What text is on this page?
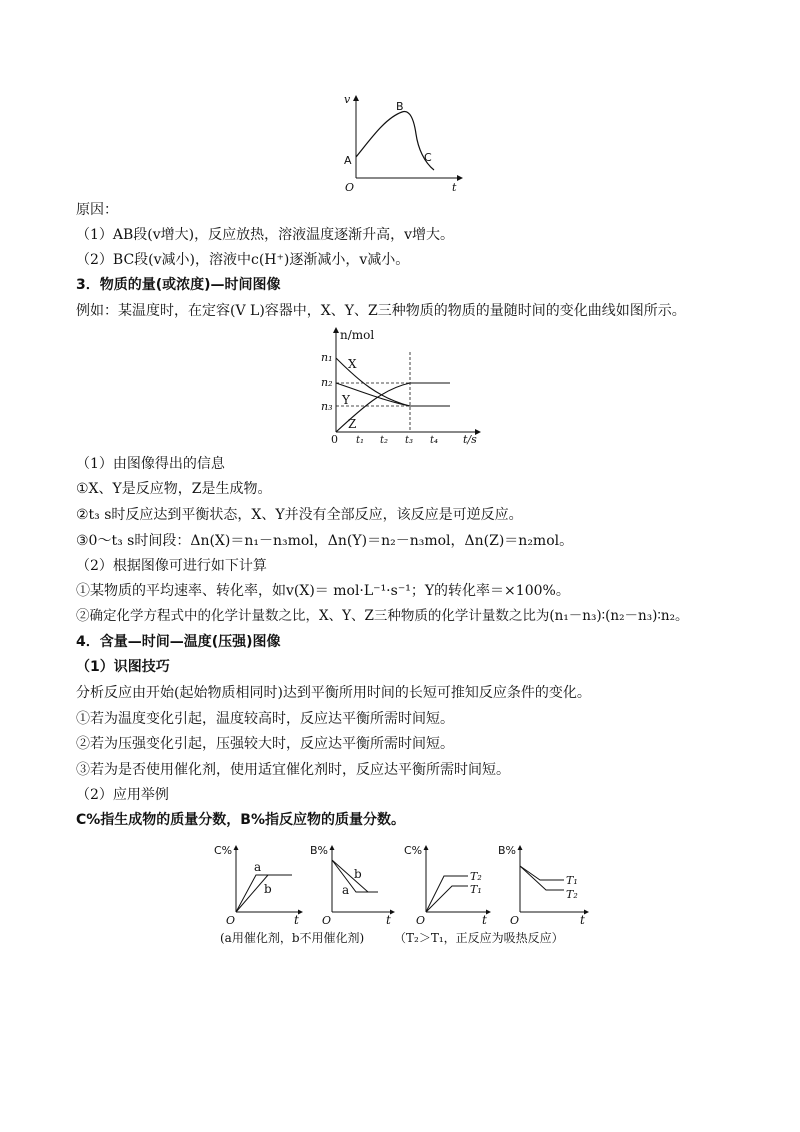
v
t
O
A
B
C
原因：
（1）AB段(v增大)，反应放热，溶液温度逐渐升高，v增大。
（2）BC段(v减小)，溶液中c(H⁺)逐渐减小，v减小。
3．物质的量(或浓度)—时间图像
例如：某温度时，在定容(V L)容器中，X、Y、Z三种物质的物质的量随时间的变化曲线如图所示。
n/mol
t/s
0
n₁
n₂
n₃
t₁ t₂ t₃ t₄
X
Y
Z
（1）由图像得出的信息
①X、Y是反应物，Z是生成物。
②t₃ s时反应达到平衡状态，X、Y并没有全部反应，该反应是可逆反应。
③0～t₃ s时间段：Δn(X)＝n₁－n₃mol，Δn(Y)＝n₂－n₃mol，Δn(Z)＝n₂mol。
（2）根据图像可进行如下计算
①某物质的平均速率、转化率，如v(X)＝ mol·L⁻¹·s⁻¹；Y的转化率＝×100%。
②确定化学方程式中的化学计量数之比，X、Y、Z三种物质的化学计量数之比为(n₁－n₃)∶(n₂－n₃)∶n₂。
4．含量—时间—温度(压强)图像
（1）识图技巧
分析反应由开始(起始物质相同时)达到平衡所用时间的长短可推知反应条件的变化。
①若为温度变化引起，温度较高时，反应达平衡所需时间短。
②若为压强变化引起，压强较大时，反应达平衡所需时间短。
③若为是否使用催化剂，使用适宜催化剂时，反应达平衡所需时间短。
（2）应用举例
C%指生成物的质量分数，B%指反应物的质量分数。
C%
t
O
a
b
B%
t
O
b
a
C%
t
O
T₂
T₁
B%
t
O
T₁
T₂
(a用催化剂，b不用催化剂) （T₂＞T₁，正反应为吸热反应）
